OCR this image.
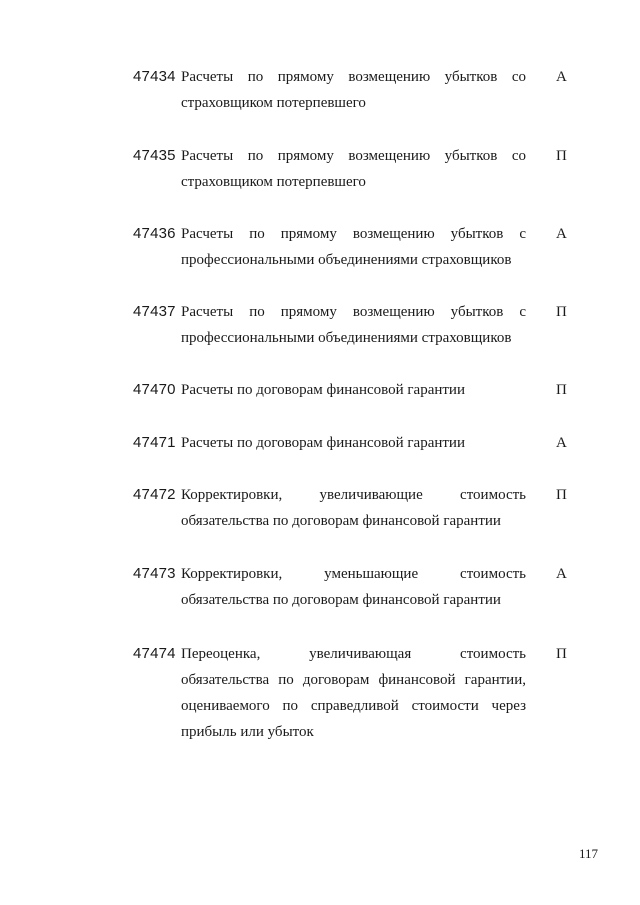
47434 Расчеты по прямому возмещению убытков со страховщиком потерпевшего
А
47435 Расчеты по прямому возмещению убытков со страховщиком потерпевшего
П
47436 Расчеты по прямому возмещению убытков с профессиональными объединениями страховщиков
А
47437 Расчеты по прямому возмещению убытков с профессиональными объединениями страховщиков
П
47470 Расчеты по договорам финансовой гарантии	П
47471 Расчеты по договорам финансовой гарантии	А
47472 Корректировки, увеличивающие стоимость обязательства по договорам финансовой гарантии
П
47473 Корректировки, уменьшающие стоимость обязательства по договорам финансовой гарантии
А
47474 Переоценка, увеличивающая стоимость обязательства по договорам финансовой гарантии, оцениваемого по справедливой стоимости через прибыль или убыток
П
117
